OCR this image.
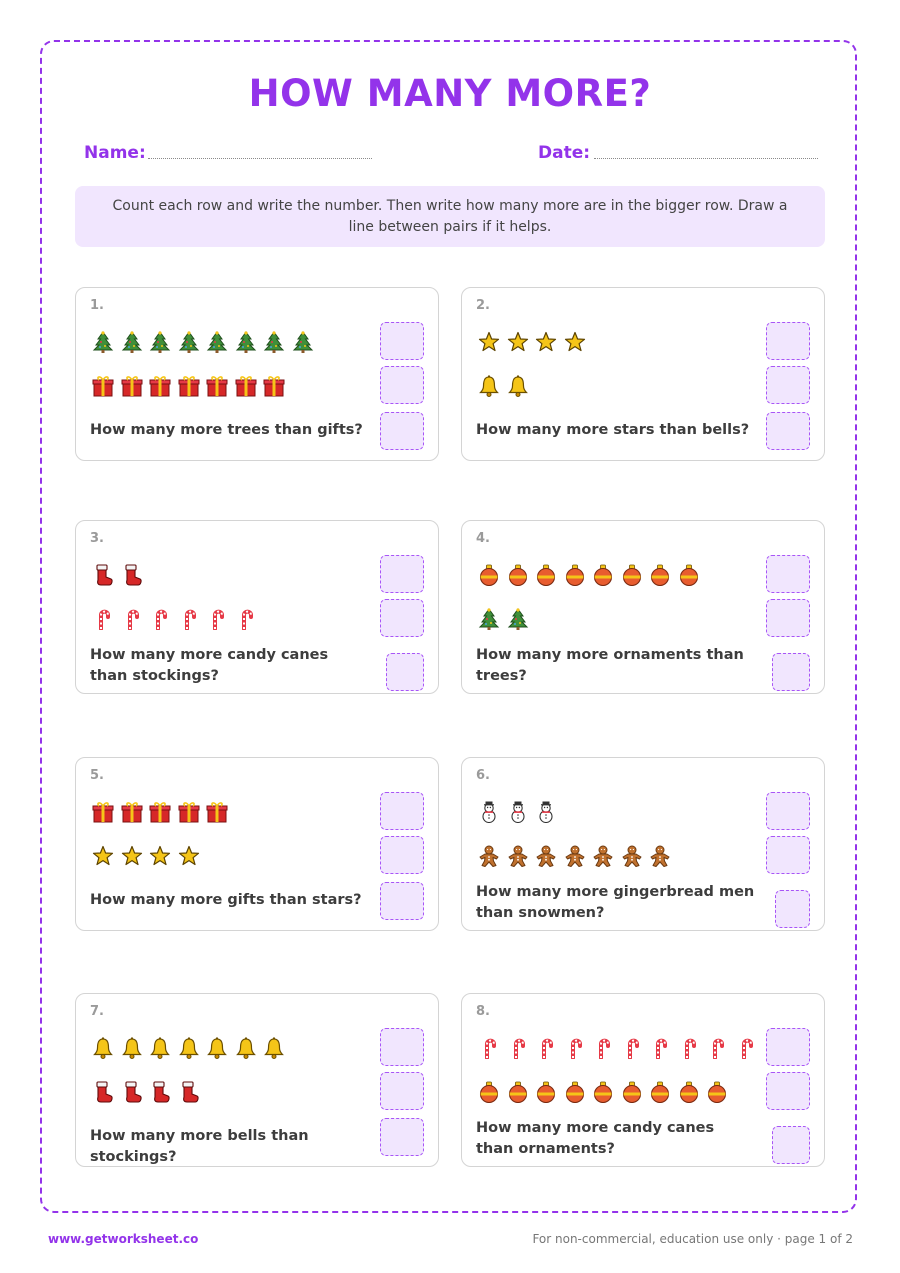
HOW MANY MORE?
Name:	Date:
Count each row and write the number. Then write how many more are in the bigger row. Draw a line between pairs if it helps.
1.
How many more trees than gifts?
2.
How many more stars than bells?
3.
How many more candy canes than stockings?
4.
How many more ornaments than trees?
5.
How many more gifts than stars?
6.
How many more gingerbread men than snowmen?
7.
How many more bells than stockings?
8.
How many more candy canes than ornaments?
www.getworksheet.co	For non-commercial, education use only · page 1 of 2
